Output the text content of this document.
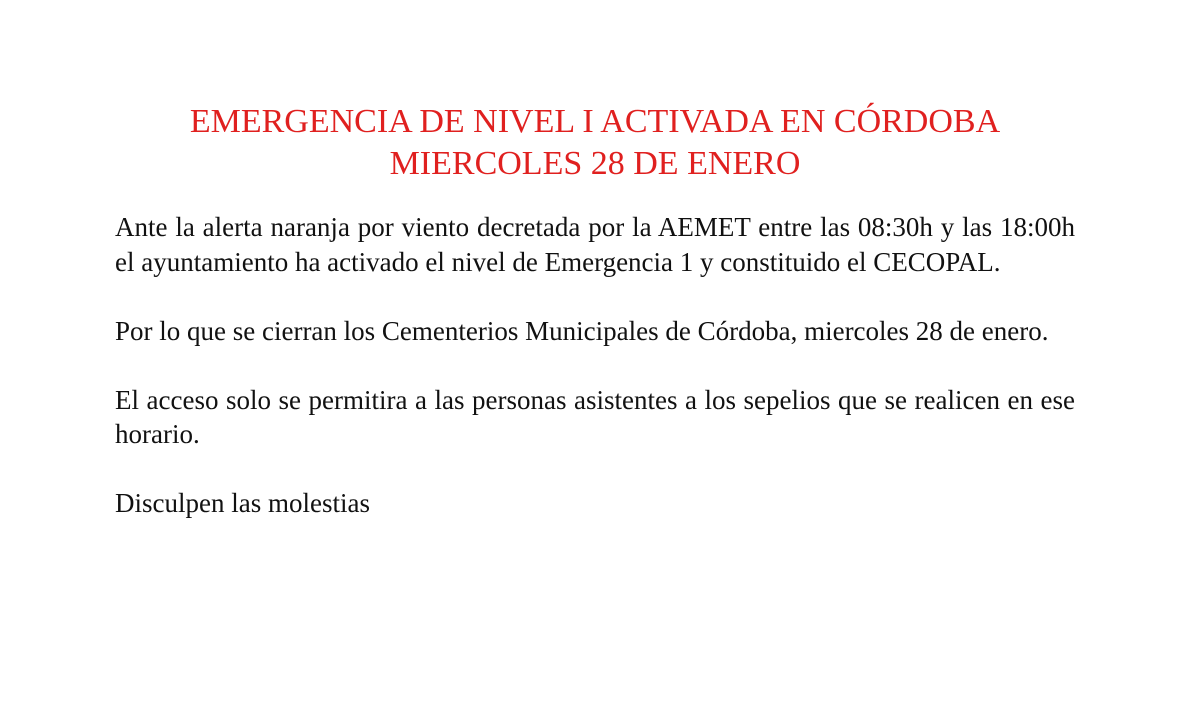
EMERGENCIA DE NIVEL I ACTIVADA EN CÓRDOBA
MIERCOLES 28 DE ENERO

Ante la alerta naranja por viento decretada por la AEMET entre las 08:30h y las 18:00h el ayuntamiento ha activado el nivel de Emergencia 1 y constituido el CECOPAL.

Por lo que se cierran los Cementerios Municipales de Córdoba, miercoles 28 de enero.

El acceso solo se permitira a las personas asistentes a los sepelios que se realicen en ese horario.

Disculpen las molestias
